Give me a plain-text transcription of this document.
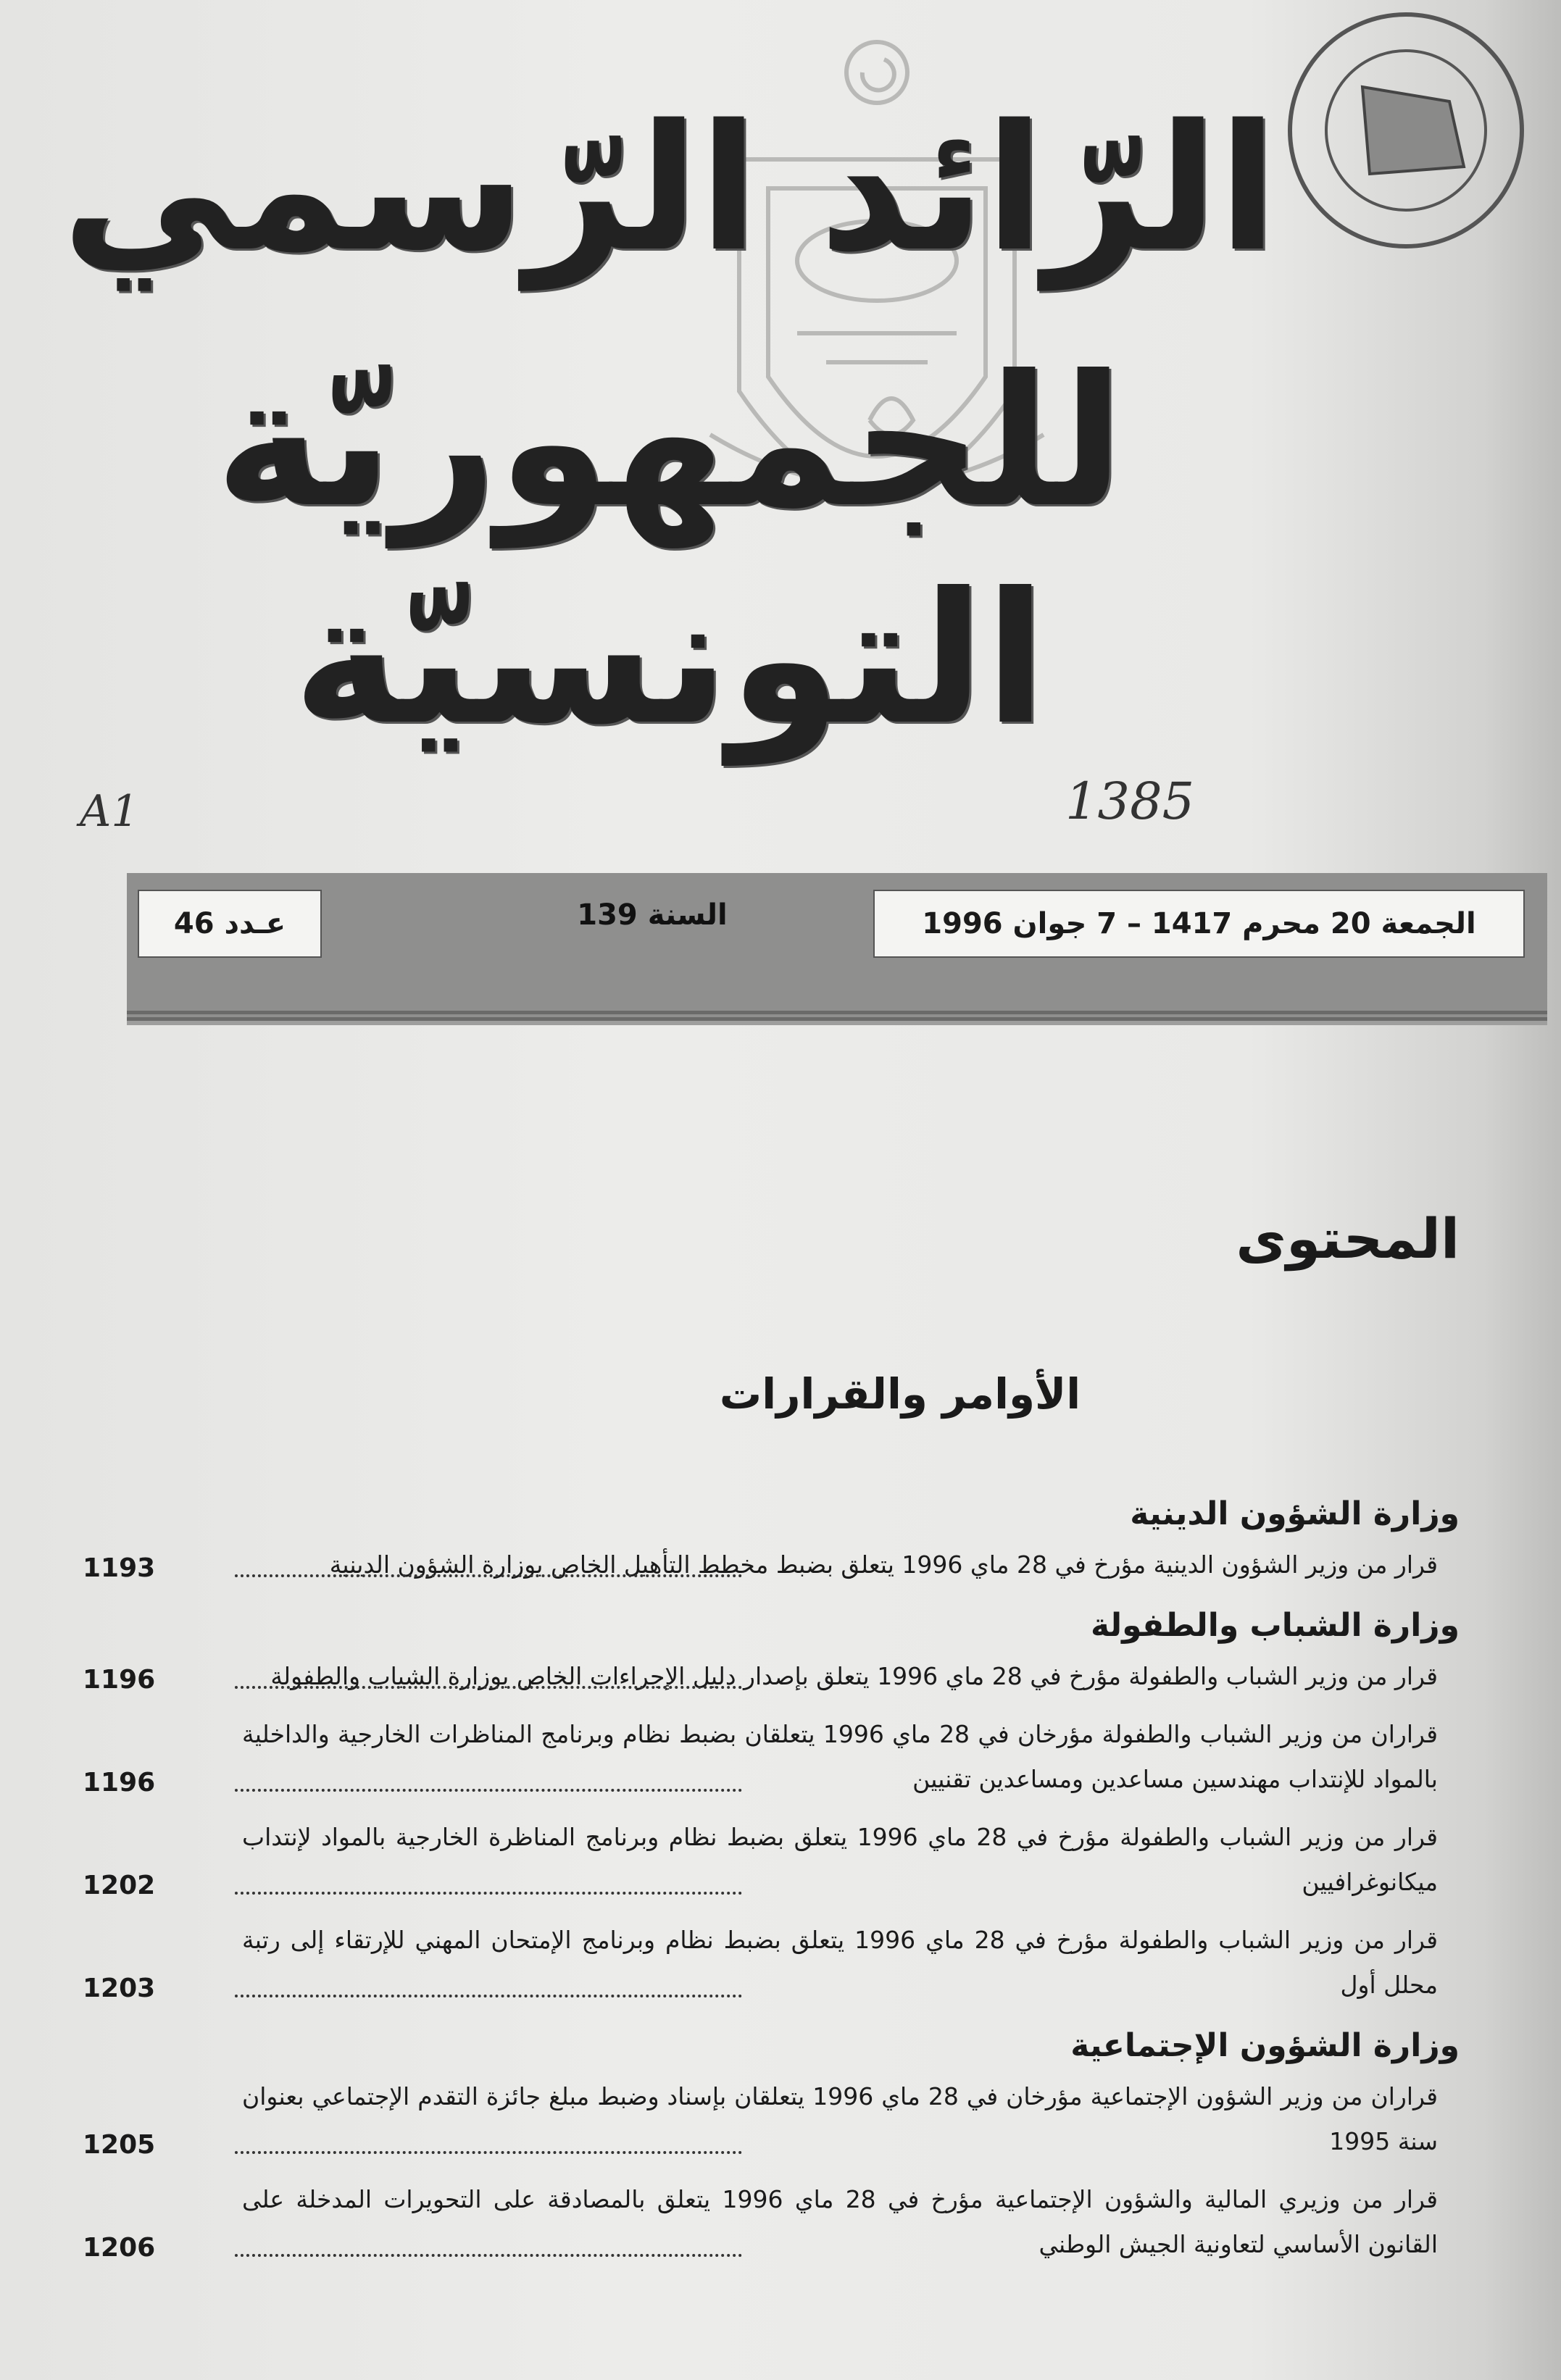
الرّائد الرّسمي
للجمهوريّة التونسيّة
A1	1385
الجمعة 20 محرم 1417 – 7 جوان 1996
السنة 139
عـدد 46
المحتوى
الأوامر والقرارات
وزارة الشؤون الدينية
قرار من وزير الشؤون الدينية مؤرخ في 28 ماي 1996 يتعلق بضبط مخطط التأهيل الخاص بوزارة الشؤون الدينية
1193
وزارة الشباب والطفولة
قرار من وزير الشباب والطفولة مؤرخ في 28 ماي 1996 يتعلق بإصدار دليل الإجراءات الخاص بوزارة الشباب والطفولة
1196
قراران من وزير الشباب والطفولة مؤرخان في 28 ماي 1996 يتعلقان بضبط نظام وبرنامج المناظرات الخارجية والداخلية بالمواد للإنتداب مهندسين مساعدين ومساعدين تقنيين
1196
قرار من وزير الشباب والطفولة مؤرخ في 28 ماي 1996 يتعلق بضبط نظام وبرنامج المناظرة الخارجية بالمواد لإنتداب ميكانوغرافيين
1202
قرار من وزير الشباب والطفولة مؤرخ في 28 ماي 1996 يتعلق بضبط نظام وبرنامج الإمتحان المهني للإرتقاء إلى رتبة محلل أول
1203
وزارة الشؤون الإجتماعية
قراران من وزير الشؤون الإجتماعية مؤرخان في 28 ماي 1996 يتعلقان بإسناد وضبط مبلغ جائزة التقدم الإجتماعي بعنوان سنة 1995
1205
قرار من وزيري المالية والشؤون الإجتماعية مؤرخ في 28 ماي 1996 يتعلق بالمصادقة على التحويرات المدخلة على القانون الأساسي لتعاونية الجيش الوطني
1206
